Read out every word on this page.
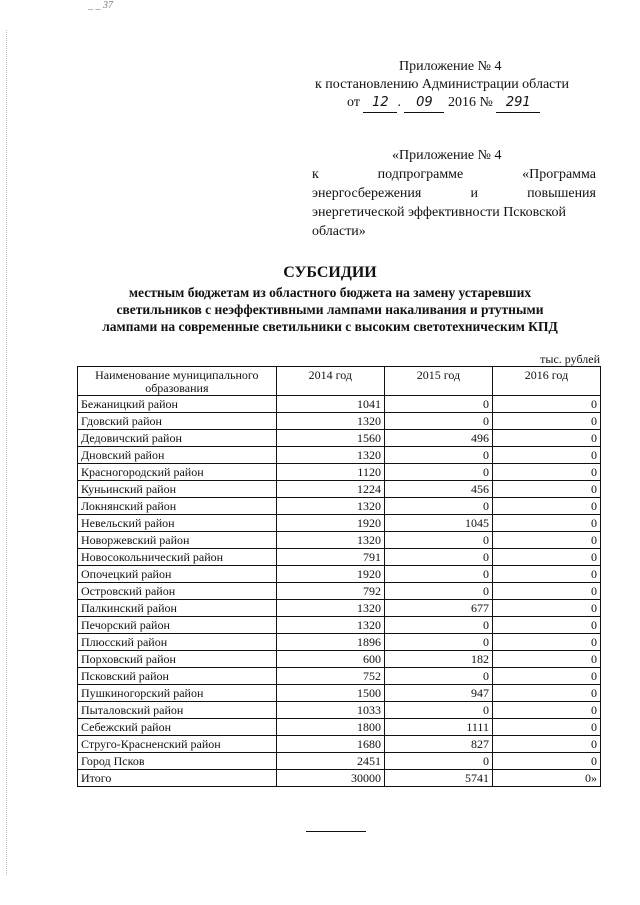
_ _ 37
Приложение № 4
к постановлению Администрации области
от 12 . 09 2016 № 291
«Приложение № 4
к	подпрограмме	«Программа
энергосбережения	и	повышения
энергетической эффективности Псковской
области»
СУБСИДИИ
местным бюджетам из областного бюджета на замену устаревших
светильников с неэффективными лампами накаливания и ртутными
лампами на современные светильники с высоким светотехническим КПД
тыс. рублей
Наименование муниципального образования	2014 год	2015 год	2016 год
Бежаницкий район	1041	0	0
Гдовский район	1320	0	0
Дедовичский район	1560	496	0
Дновский район	1320	0	0
Красногородский район	1120	0	0
Куньинский район	1224	456	0
Локнянский район	1320	0	0
Невельский район	1920	1045	0
Новоржевский район	1320	0	0
Новосокольнический район	791	0	0
Опочецкий район	1920	0	0
Островский район	792	0	0
Палкинский район	1320	677	0
Печорский район	1320	0	0
Плюсский район	1896	0	0
Порховский район	600	182	0
Псковский район	752	0	0
Пушкиногорский район	1500	947	0
Пыталовский район	1033	0	0
Себежский район	1800	1111	0
Струго-Красненский район	1680	827	0
Город Псков	2451	0	0
Итого	30000	5741	0»
